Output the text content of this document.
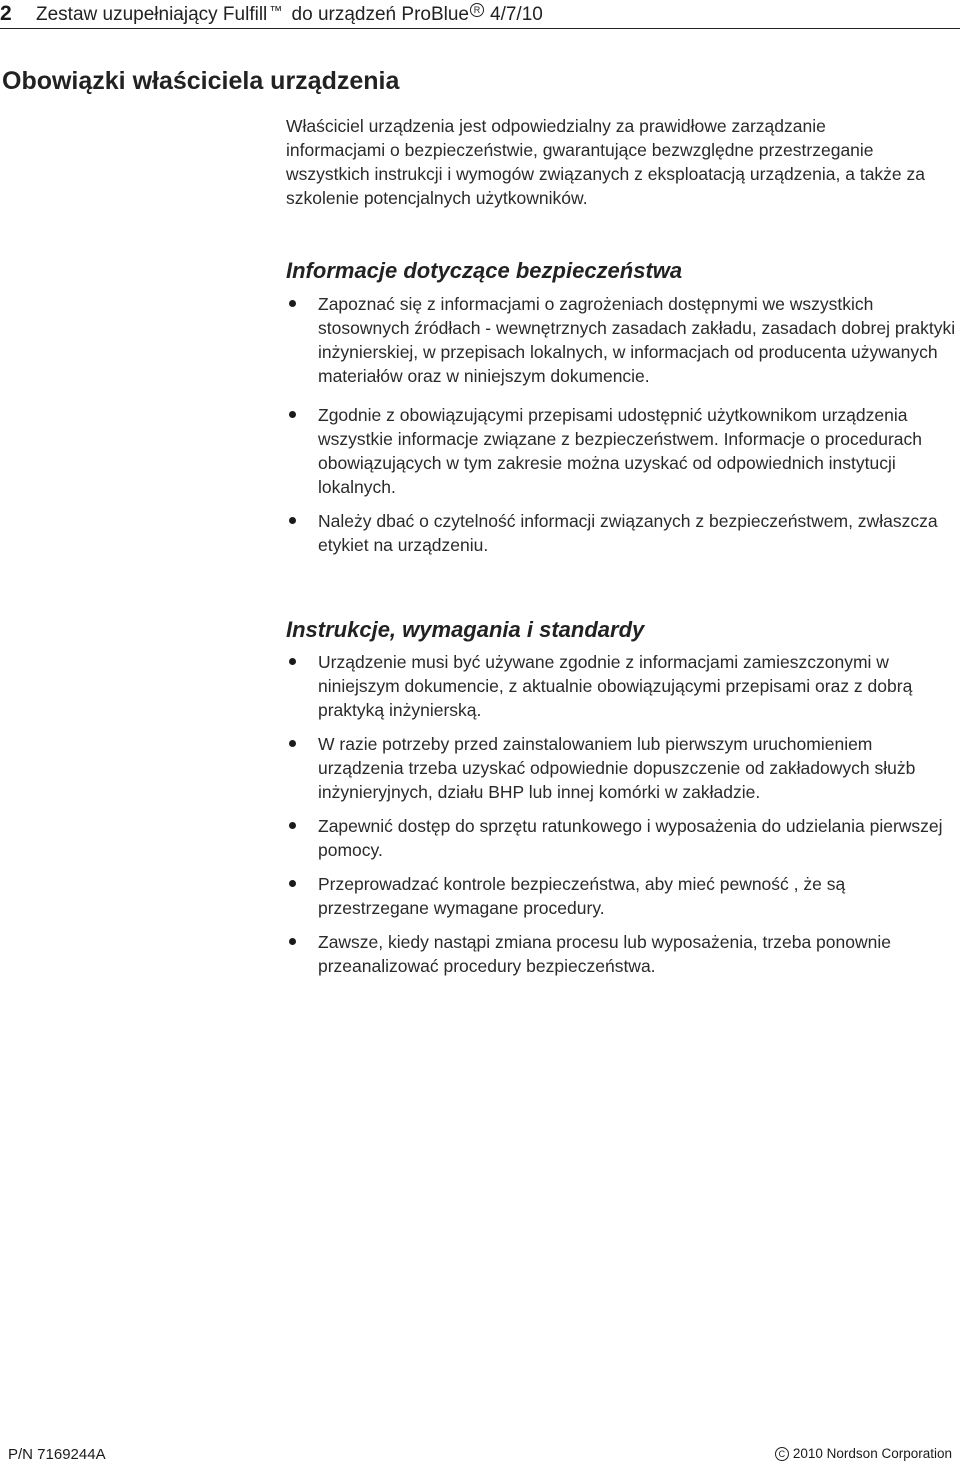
2 Zestaw uzupełniający Fulfill ™ do urządzeń ProBlue R 4/7/10
Obowiązki właściciela urządzenia

Właściciel urządzenia jest odpowiedzialny za prawidłowe zarządzanie informacjami o bezpieczeństwie, gwarantujące bezwzględne przestrzeganie wszystkich instrukcji i wymogów związanych z eksploatacją urządzenia, a także za szkolenie potencjalnych użytkowników.

Informacje dotyczące bezpieczeństwa
Zapoznać się z informacjami o zagrożeniach dostępnymi we wszystkich stosownych źródłach - wewnętrznych zasadach zakładu, zasadach dobrej praktyki inżynierskiej, w przepisach lokalnych, w informacjach od producenta używanych materiałów oraz w niniejszym dokumencie.
Zgodnie z obowiązującymi przepisami udostępnić użytkownikom urządzenia wszystkie informacje związane z bezpieczeństwem. Informacje o procedurach obowiązujących w tym zakresie można uzyskać od odpowiednich instytucji lokalnych.
Należy dbać o czytelność informacji związanych z bezpieczeństwem, zwłaszcza etykiet na urządzeniu.
Instrukcje, wymagania i standardy
Urządzenie musi być używane zgodnie z informacjami zamieszczonymi w niniejszym dokumencie, z aktualnie obowiązującymi przepisami oraz z dobrą praktyką inżynierską.
W razie potrzeby przed zainstalowaniem lub pierwszym uruchomieniem urządzenia trzeba uzyskać odpowiednie dopuszczenie od zakładowych służb inżynieryjnych, działu BHP lub innej komórki w zakładzie.
Zapewnić dostęp do sprzętu ratunkowego i wyposażenia do udzielania pierwszej pomocy.
Przeprowadzać kontrole bezpieczeństwa, aby mieć pewność , że są przestrzegane wymagane procedury.
Zawsze, kiedy nastąpi zmiana procesu lub wyposażenia, trzeba ponownie przeanalizować procedury bezpieczeństwa.
P/N 7169244A	C 2010 Nordson Corporation
